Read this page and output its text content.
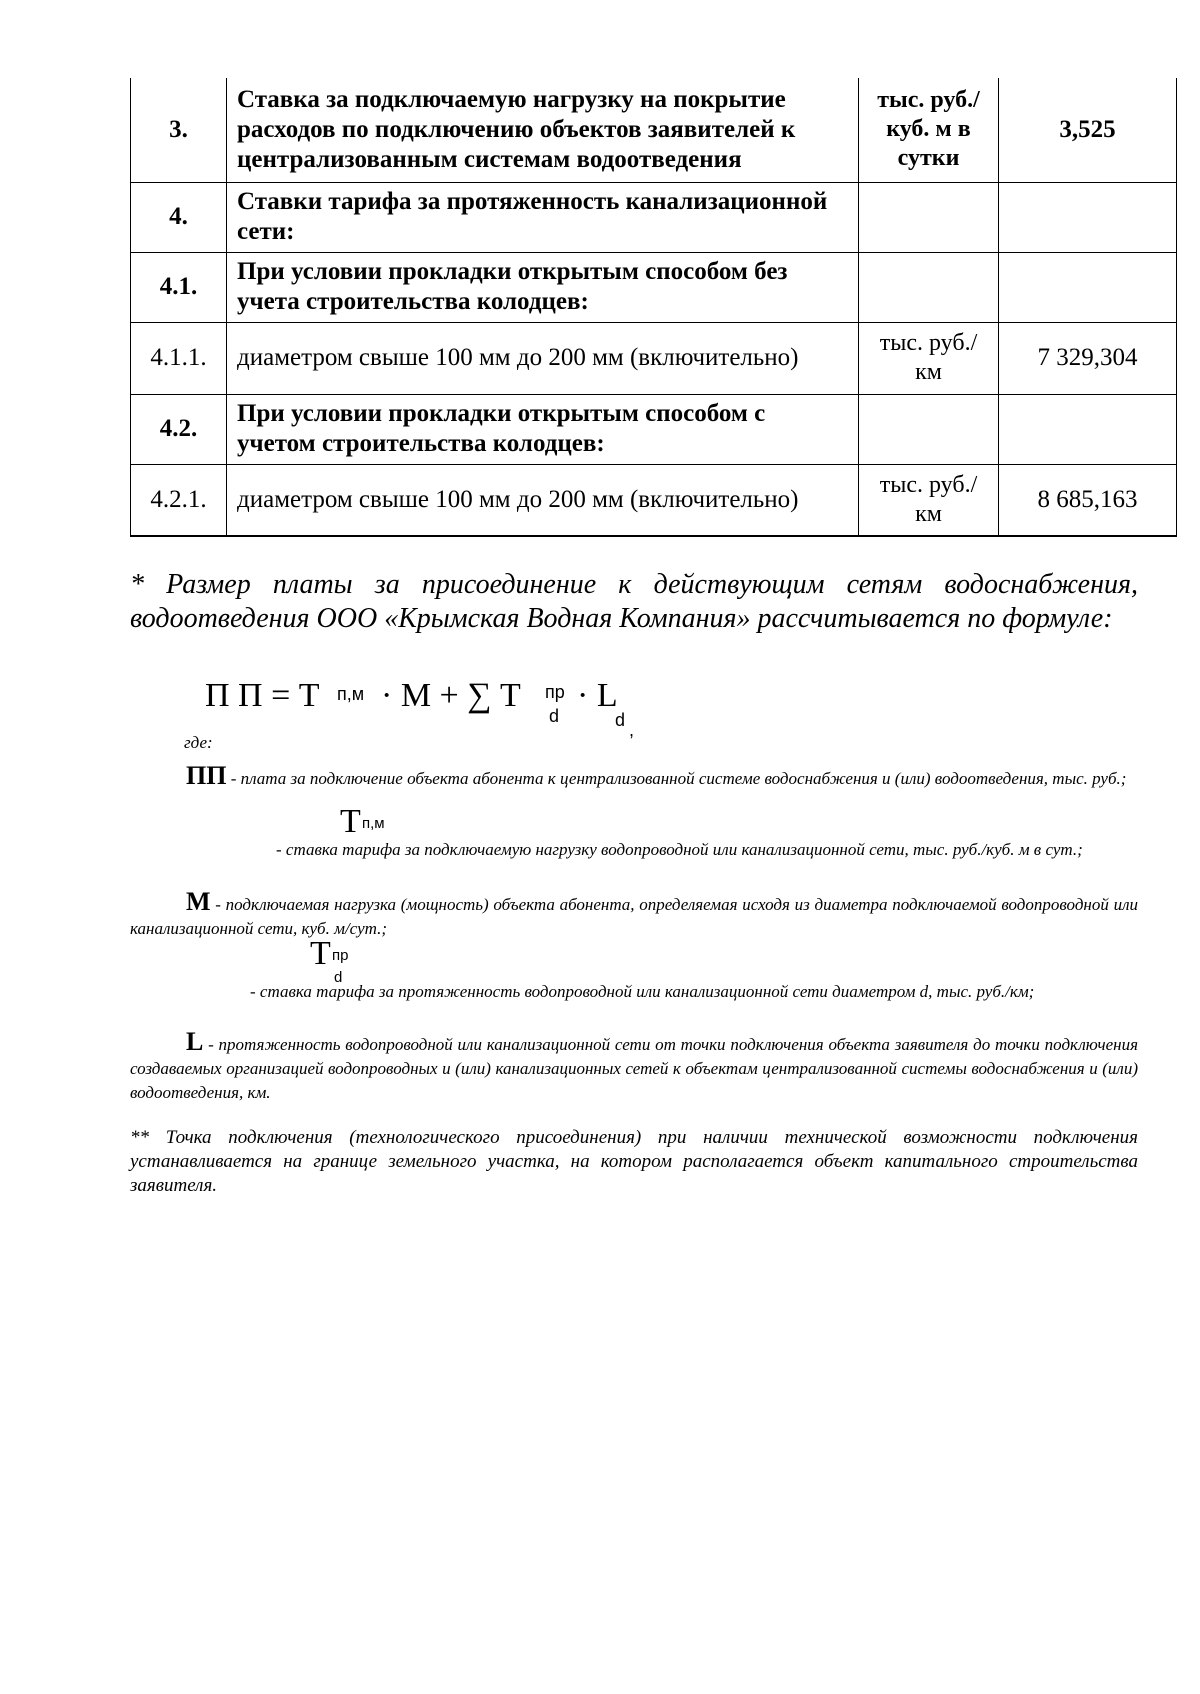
3.	Ставка за подключаемую нагрузку на покрытие расходов по подключению объектов заявителей к централизованным системам водоотведения	тыс. руб./ куб. м в сутки	3,525
4.	Ставки тарифа за протяженность канализационной сети:		
4.1.	При условии прокладки открытым способом без учета строительства колодцев:		
4.1.1.	диаметром свыше 100 мм до 200 мм (включительно)	тыс. руб./км	7 329,304
4.2.	При условии прокладки открытым способом с учетом строительства колодцев:		
4.2.1.	диаметром свыше 100 мм до 200 мм (включительно)	тыс. руб./км	8 685,163
* Размер платы за присоединение к действующим сетям водоснабжения, водоотведения ООО «Крымская Водная Компания» рассчитывается по формуле:
П П = Т п,м · М + ∑ Т пр
d
· L
d ,
где:
ПП - плата за подключение объекта абонента к централизованной системе водоснабжения и (или) водоотведения, тыс. руб.;
Т п,м
- ставка тарифа за подключаемую нагрузку водопроводной или канализационной сети, тыс. руб./куб. м в сут.;
М - подключаемая нагрузка (мощность) объекта абонента, определяемая исходя из диаметра подключаемой водопроводной или канализационной сети, куб. м/сут.;
Т пр
d
- ставка тарифа за протяженность водопроводной или канализационной сети диаметром d, тыс. руб./км;
L - протяженность водопроводной или канализационной сети от точки подключения объекта заявителя до точки подключения создаваемых организацией водопроводных и (или) канализационных сетей к объектам централизованной системы водоснабжения и (или) водоотведения, км.
** Точка подключения (технологического присоединения) при наличии технической возможности подключения устанавливается на границе земельного участка, на котором располагается объект капитального строительства заявителя.
